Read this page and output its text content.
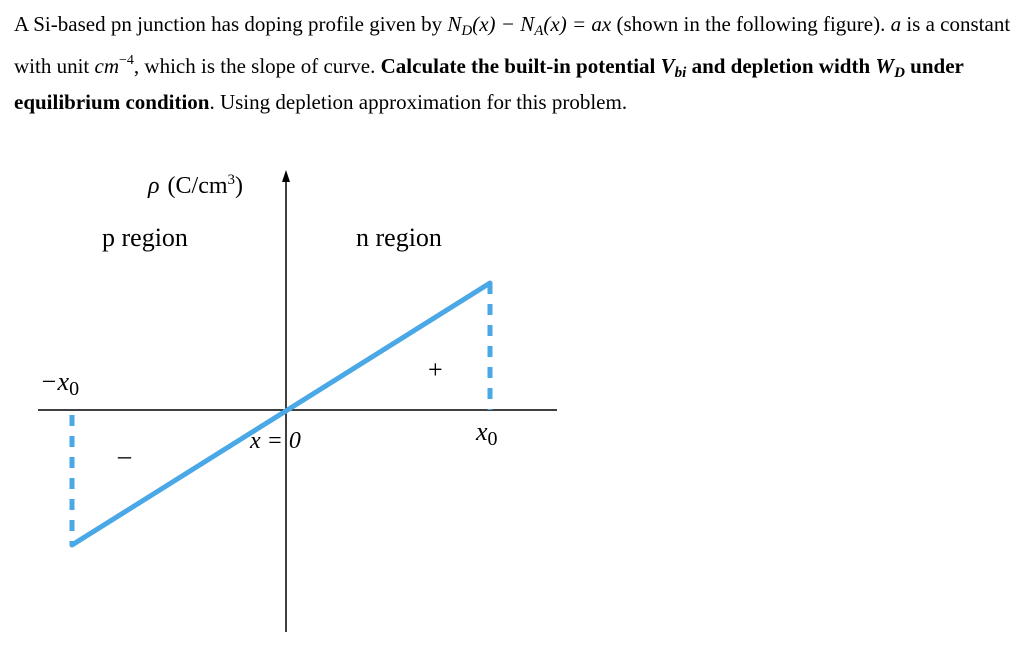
A Si-based pn junction has doping profile given by ND(x) − NA(x) = ax (shown in the following figure). a is a constant with unit $cm^{-4}$, which is the slope of curve. Calculate the built-in potential Vbi and depletion width WD under equilibrium condition. Using depletion approximation for this problem.

ρ $(C/cm^3)$
p region	n region
−x0
x0
x = 0
+
–
